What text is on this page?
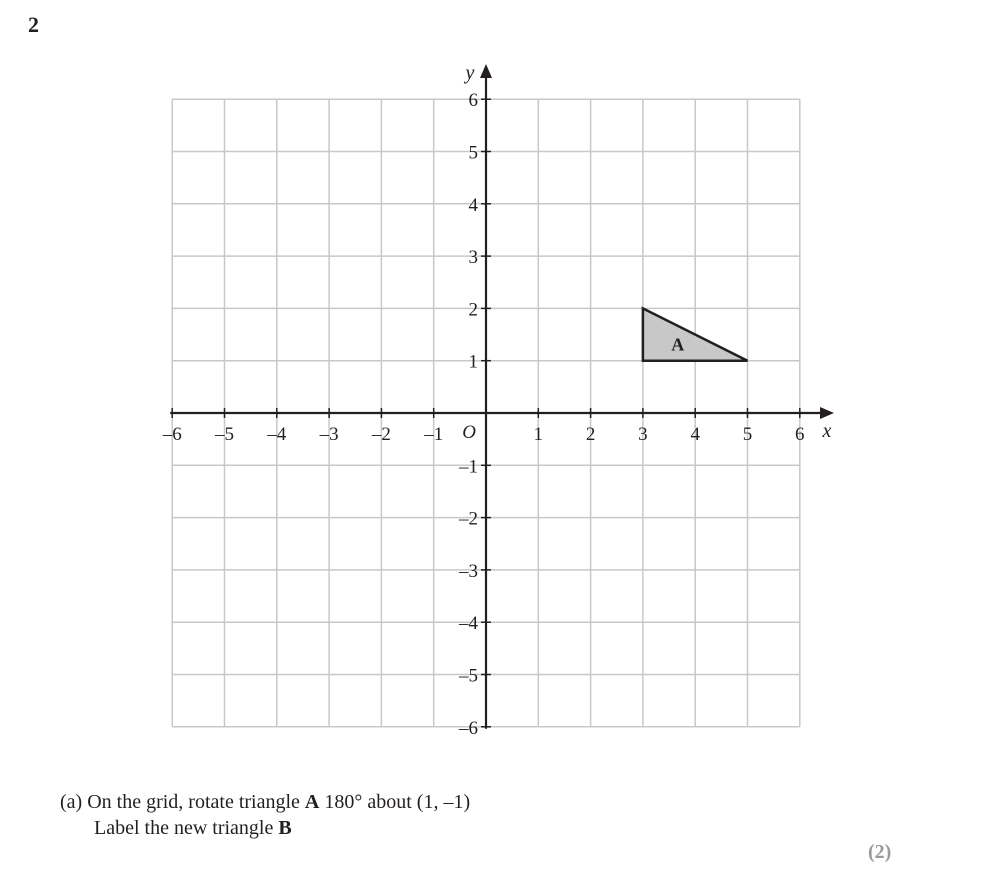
2
A
–6 –5 –4 –3 –2 –1	1 2 3 4 5 6
6
5
4
3
2
1
–1
–2
–3
–4
–5
–6
O	x
y
(a) On the grid, rotate triangle A 180° about (1, –1)
Label the new triangle B
(2)
